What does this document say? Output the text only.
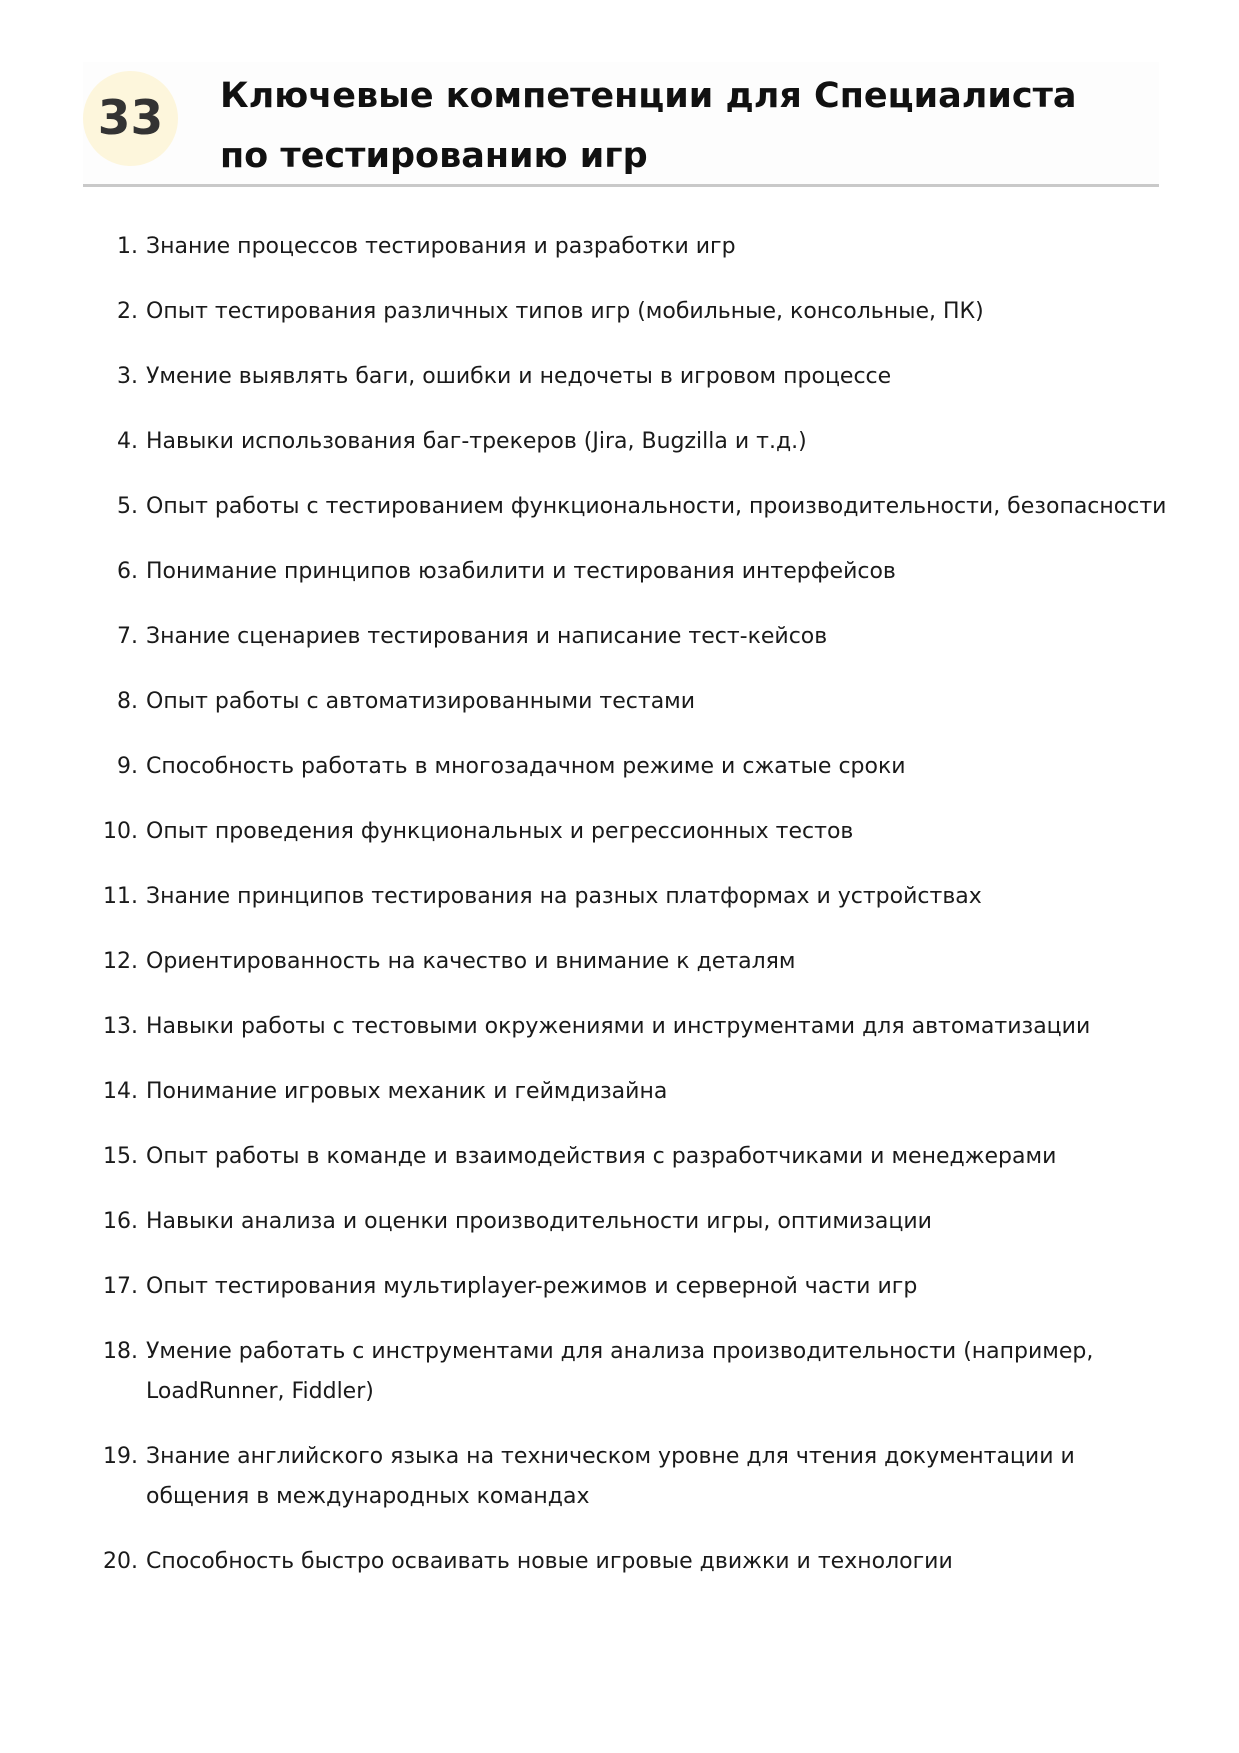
33	Ключевые компетенции для Специалиста по тестированию игр
1. Знание процессов тестирования и разработки игр
2. Опыт тестирования различных типов игр (мобильные, консольные, ПК)
3. Умение выявлять баги, ошибки и недочеты в игровом процессе
4. Навыки использования баг-трекеров (Jira, Bugzilla и т.д.)
5. Опыт работы с тестированием функциональности, производительности, безопасности
6. Понимание принципов юзабилити и тестирования интерфейсов
7. Знание сценариев тестирования и написание тест-кейсов
8. Опыт работы с автоматизированными тестами
9. Способность работать в многозадачном режиме и сжатые сроки
10. Опыт проведения функциональных и регрессионных тестов
11. Знание принципов тестирования на разных платформах и устройствах
12. Ориентированность на качество и внимание к деталям
13. Навыки работы с тестовыми окружениями и инструментами для автоматизации
14. Понимание игровых механик и геймдизайна
15. Опыт работы в команде и взаимодействия с разработчиками и менеджерами
16. Навыки анализа и оценки производительности игры, оптимизации
17. Опыт тестирования мультиplayer-режимов и серверной части игр
18. Умение работать с инструментами для анализа производительности (например, LoadRunner, Fiddler)
19. Знание английского языка на техническом уровне для чтения документации и общения в международных командах
20. Способность быстро осваивать новые игровые движки и технологии
